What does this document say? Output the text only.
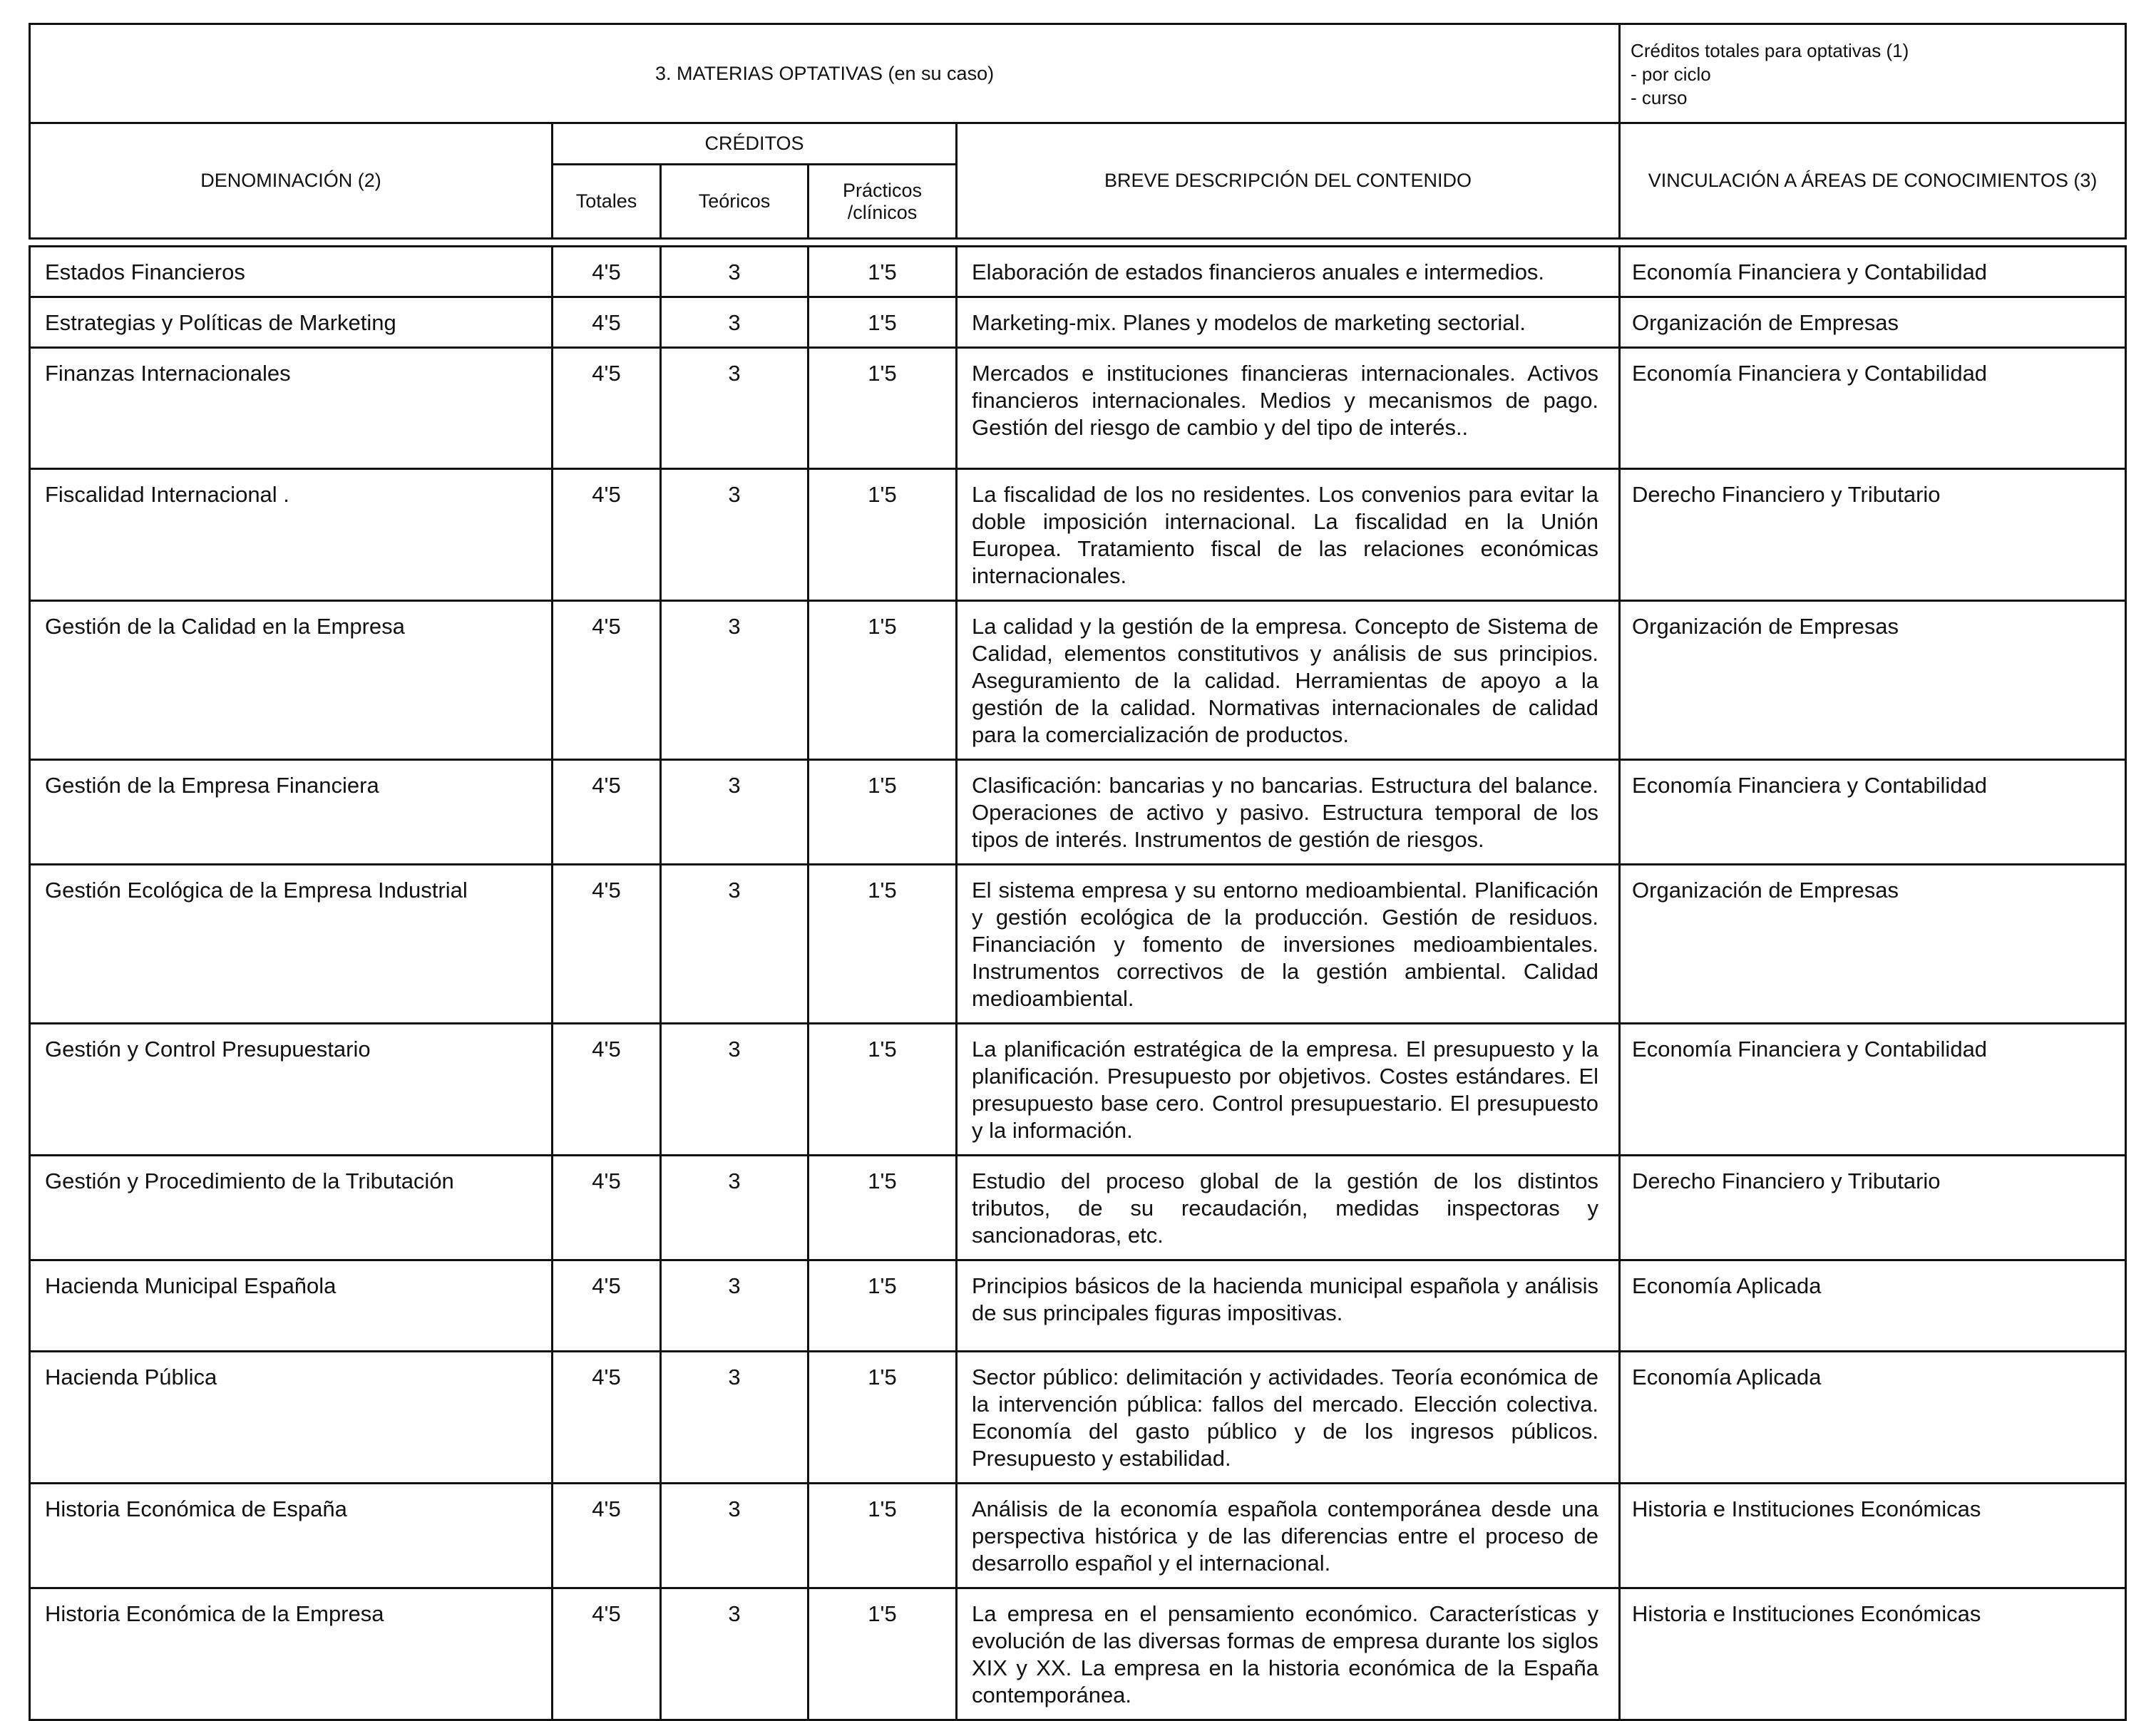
3. MATERIAS OPTATIVAS (en su caso)					Créditos totales para optativas (1)
- por ciclo
- curso

DENOMINACIÓN (2)	CRÉDITOS			BREVE DESCRIPCIÓN DEL CONTENIDO	VINCULACIÓN A ÁREAS DE CONOCIMIENTOS (3)
	Totales	Teóricos	Prácticos /clínicos		

Estados Financieros	4'5	3	1'5	Elaboración de estados financieros anuales e intermedios.	Economía Financiera y Contabilidad
Estrategias y Políticas de Marketing	4'5	3	1'5	Marketing-mix. Planes y modelos de marketing sectorial.	Organización de Empresas
Finanzas Internacionales	4'5	3	1'5	Mercados e instituciones financieras internacionales. Activos financieros internacionales. Medios y mecanismos de pago. Gestión del riesgo de cambio y del tipo de interés..	Economía Financiera y Contabilidad
Fiscalidad Internacional .	4'5	3	1'5	La fiscalidad de los no residentes. Los convenios para evitar la doble imposición internacional. La fiscalidad en la Unión Europea. Tratamiento fiscal de las relaciones económicas internacionales.	Derecho Financiero y Tributario
Gestión de la Calidad en la Empresa	4'5	3	1'5	La calidad y la gestión de la empresa. Concepto de Sistema de Calidad, elementos constitutivos y análisis de sus principios. Aseguramiento de la calidad. Herramientas de apoyo a la gestión de la calidad. Normativas internacionales de calidad para la comercialización de productos.	Organización de Empresas
Gestión de la Empresa Financiera	4'5	3	1'5	Clasificación: bancarias y no bancarias. Estructura del balance. Operaciones de activo y pasivo. Estructura temporal de los tipos de interés. Instrumentos de gestión de riesgos.	Economía Financiera y Contabilidad
Gestión Ecológica de la Empresa Industrial	4'5	3	1'5	El sistema empresa y su entorno medioambiental. Planificación y gestión ecológica de la producción. Gestión de residuos. Financiación y fomento de inversiones medioambientales. Instrumentos correctivos de la gestión ambiental. Calidad medioambiental.	Organización de Empresas
Gestión y Control Presupuestario	4'5	3	1'5	La planificación estratégica de la empresa. El presupuesto y la planificación. Presupuesto por objetivos. Costes estándares. El presupuesto base cero. Control presupuestario. El presupuesto y la información.	Economía Financiera y Contabilidad
Gestión y Procedimiento de la Tributación	4'5	3	1'5	Estudio del proceso global de la gestión de los distintos tributos, de su recaudación, medidas inspectoras y sancionadoras, etc.	Derecho Financiero y Tributario
Hacienda Municipal Española	4'5	3	1'5	Principios básicos de la hacienda municipal española y análisis de sus principales figuras impositivas.	Economía Aplicada
Hacienda Pública	4'5	3	1'5	Sector público: delimitación y actividades. Teoría económica de la intervención pública: fallos del mercado. Elección colectiva. Economía del gasto público y de los ingresos públicos. Presupuesto y estabilidad.	Economía Aplicada
Historia Económica de España	4'5	3	1'5	Análisis de la economía española contemporánea desde una perspectiva histórica y de las diferencias entre el proceso de desarrollo español y el internacional.	Historia e Instituciones Económicas
Historia Económica de la Empresa	4'5	3	1'5	La empresa en el pensamiento económico. Características y evolución de las diversas formas de empresa durante los siglos XIX y XX. La empresa en la historia económica de la España contemporánea.	Historia e Instituciones Económicas
